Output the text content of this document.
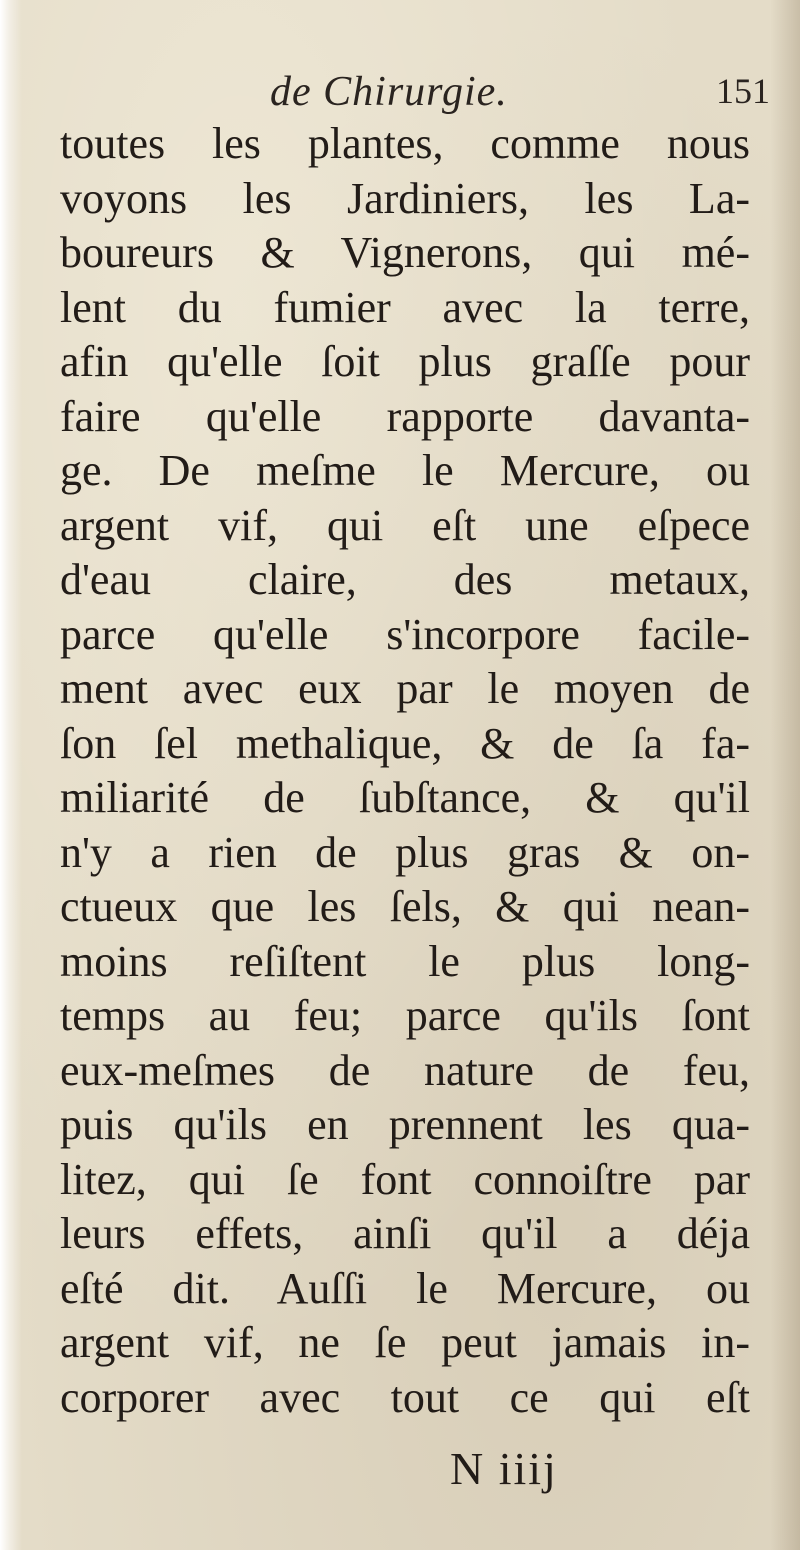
de Chirurgie.	151
toutes les plantes, comme nous
voyons les Jardiniers, les La-
boureurs & Vignerons, qui mé-
lent du fumier avec la terre,
afin qu'elle ſoit plus graſſe pour
faire qu'elle rapporte davanta-
ge. De meſme le Mercure, ou
argent vif, qui eſt une eſpece
d'eau claire, des metaux,
parce qu'elle s'incorpore facile-
ment avec eux par le moyen de
ſon ſel methalique, & de ſa fa-
miliarité de ſubſtance, & qu'il
n'y a rien de plus gras & on-
ctueux que les ſels, & qui nean-
moins reſiſtent le plus long-
temps au feu; parce qu'ils ſont
eux-meſmes de nature de feu,
puis qu'ils en prennent les qua-
litez, qui ſe font connoiſtre par
leurs effets, ainſi qu'il a déja
eſté dit. Auſſi le Mercure, ou
argent vif, ne ſe peut jamais in-
corporer avec tout ce qui eſt
N iiij
